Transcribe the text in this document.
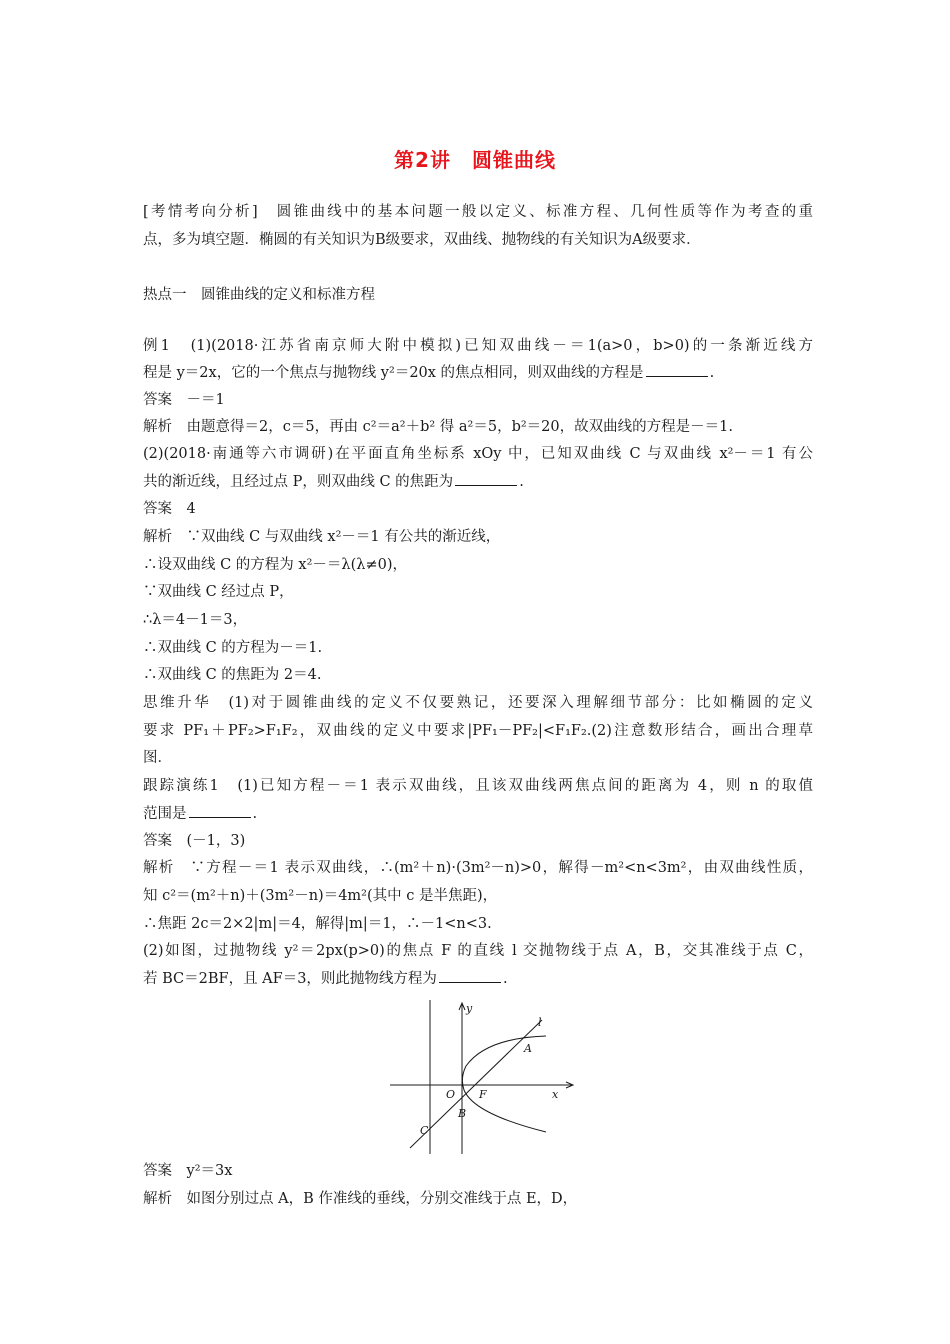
第2讲　圆锥曲线
[考情考向分析]　圆锥曲线中的基本问题一般以定义、标准方程、几何性质等作为考查的重
点，多为填空题．椭圆的有关知识为B级要求，双曲线、抛物线的有关知识为A级要求．
热点一　圆锥曲线的定义和标准方程
例1　(1)(2018·江苏省南京师大附中模拟)已知双曲线－＝1(a>0，b>0)的一条渐近线方
程是 y＝2x，它的一个焦点与抛物线 y²＝20x 的焦点相同，则双曲线的方程是	.
答案　－＝1
解析　由题意得＝2，c＝5，再由 c²＝a²＋b² 得 a²＝5，b²＝20，故双曲线的方程是－＝1.
(2)(2018·南通等六市调研)在平面直角坐标系 xOy 中，已知双曲线 C 与双曲线 x²－＝1 有公
共的渐近线，且经过点 P，则双曲线 C 的焦距为	.
答案　4
解析　∵双曲线 C 与双曲线 x²－＝1 有公共的渐近线，
∴设双曲线 C 的方程为 x²－＝λ(λ≠0)，
∵双曲线 C 经过点 P，
∴λ＝4－1＝3，
∴双曲线 C 的方程为－＝1.
∴双曲线 C 的焦距为 2＝4.
思维升华　(1)对于圆锥曲线的定义不仅要熟记，还要深入理解细节部分：比如椭圆的定义
要求 PF₁＋PF₂>F₁F₂，双曲线的定义中要求|PF₁－PF₂|<F₁F₂.(2)注意数形结合，画出合理草
图．
跟踪演练1　(1)已知方程－＝1 表示双曲线，且该双曲线两焦点间的距离为 4，则 n 的取值
范围是	.
答案　(－1，3)
解析　∵方程－＝1 表示双曲线，∴(m²＋n)·(3m²－n)>0，解得－m²<n<3m²，由双曲线性质，
知 c²＝(m²＋n)＋(3m²－n)＝4m²(其中 c 是半焦距)，
∴焦距 2c＝2×2|m|＝4，解得|m|＝1，∴－1<n<3.
(2)如图，过抛物线 y²＝2px(p>0)的焦点 F 的直线 l 交抛物线于点 A，B，交其准线于点 C，
若 BC＝2BF，且 AF＝3，则此抛物线方程为	.
y
x
l
A
O F
B
C
答案　y²＝3x
解析　如图分别过点 A，B 作准线的垂线，分别交准线于点 E，D，
